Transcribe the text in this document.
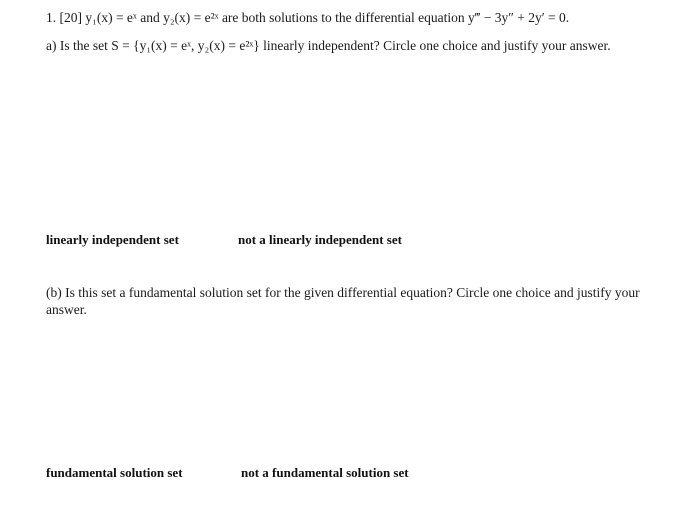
1. [20] y₁(x) = eˣ and y₂(x) = e²ˣ are both solutions to the differential equation y‴ − 3y″ + 2y′ = 0.
a) Is the set S = {y₁(x) = eˣ, y₂(x) = e²ˣ} linearly independent? Circle one choice and justify your answer.
linearly independent set	not a linearly independent set
(b) Is this set a fundamental solution set for the given differential equation? Circle one choice and justify your
answer.
fundamental solution set	not a fundamental solution set
